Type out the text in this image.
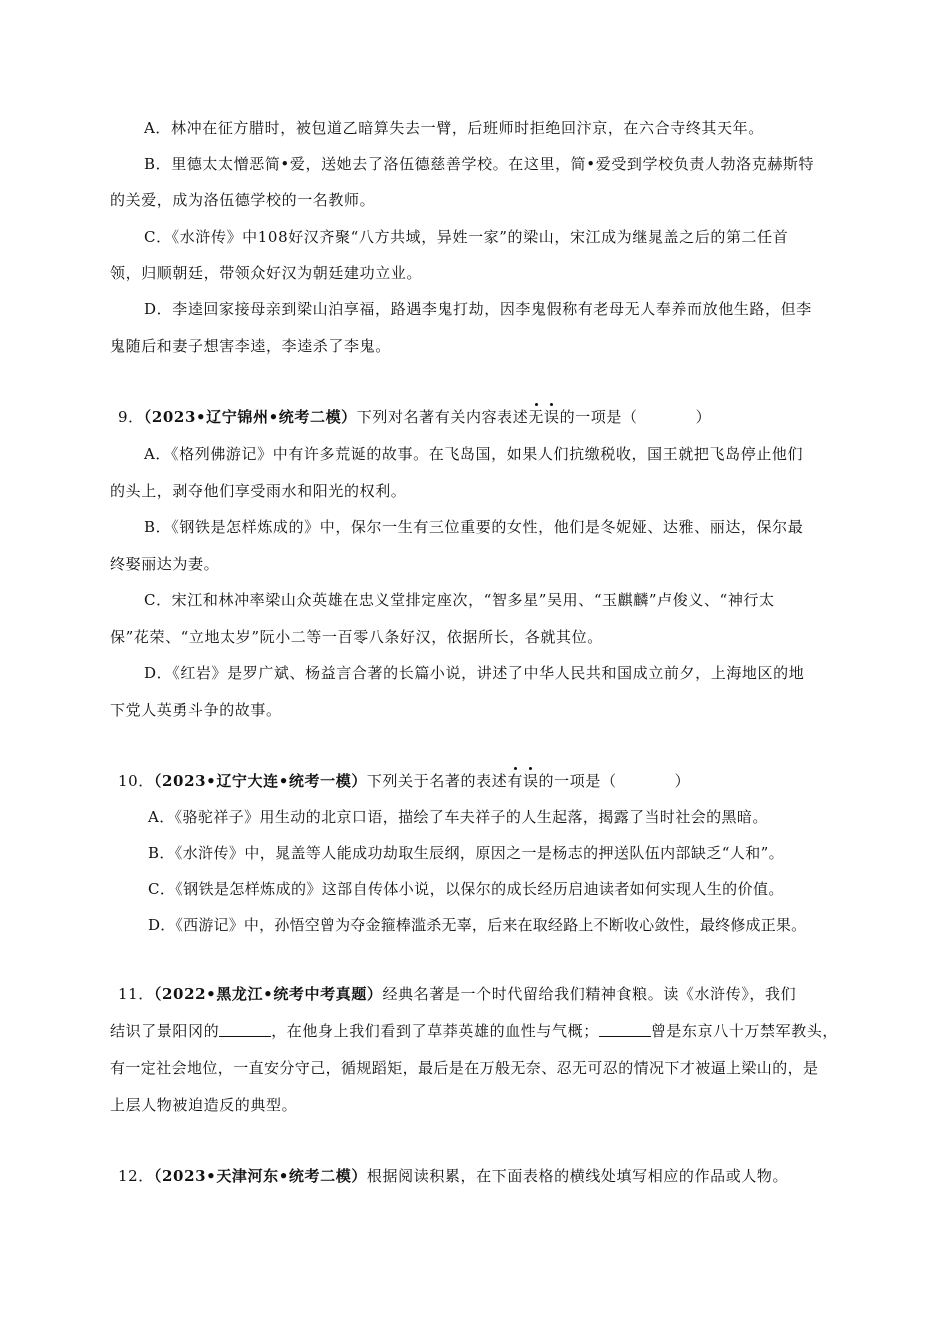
A．林冲在征方腊时，被包道乙暗算失去一臂，后班师时拒绝回汴京，在六合寺终其天年。
B．里德太太憎恶简•爱，送她去了洛伍德慈善学校。在这里，简•爱受到学校负责人勃洛克赫斯特
的关爱，成为洛伍德学校的一名教师。
C．《水浒传》中108好汉齐聚“八方共域，异姓一家”的梁山，宋江成为继晁盖之后的第二任首
领，归顺朝廷，带领众好汉为朝廷建功立业。
D．李逵回家接母亲到梁山泊享福，路遇李鬼打劫，因李鬼假称有老母无人奉养而放他生路，但李
鬼随后和妻子想害李逵，李逵杀了李鬼。
9．（2023•辽宁锦州•统考二模）下列对名著有关内容表述无误的一项是（	）
A．《格列佛游记》中有许多荒诞的故事。在飞岛国，如果人们抗缴税收，国王就把飞岛停止他们
的头上，剥夺他们享受雨水和阳光的权利。
B．《钢铁是怎样炼成的》中，保尔一生有三位重要的女性，他们是冬妮娅、达雅、丽达，保尔最
终娶丽达为妻。
C．宋江和林冲率梁山众英雄在忠义堂排定座次，“智多星”吴用、“玉麒麟”卢俊义、“神行太
保”花荣、“立地太岁”阮小二等一百零八条好汉，依据所长，各就其位。
D．《红岩》是罗广斌、杨益言合著的长篇小说，讲述了中华人民共和国成立前夕，上海地区的地
下党人英勇斗争的故事。
10．（2023•辽宁大连•统考一模）下列关于名著的表述有误的一项是（	）
A．《骆驼祥子》用生动的北京口语，描绘了车夫祥子的人生起落，揭露了当时社会的黑暗。
B．《水浒传》中，晁盖等人能成功劫取生辰纲，原因之一是杨志的押送队伍内部缺乏“人和”。
C．《钢铁是怎样炼成的》这部自传体小说，以保尔的成长经历启迪读者如何实现人生的价值。
D．《西游记》中，孙悟空曾为夺金箍棒滥杀无辜，后来在取经路上不断收心敛性，最终修成正果。
11．（2022•黑龙江•统考中考真题）经典名著是一个时代留给我们精神食粮。读《水浒传》，我们
结识了景阳冈的	，在他身上我们看到了草莽英雄的血性与气概；	曾是东京八十万禁军教头，
有一定社会地位，一直安分守己，循规蹈矩，最后是在万般无奈、忍无可忍的情况下才被逼上梁山的，是
上层人物被迫造反的典型。
12．（2023•天津河东•统考二模）根据阅读积累，在下面表格的横线处填写相应的作品或人物。
